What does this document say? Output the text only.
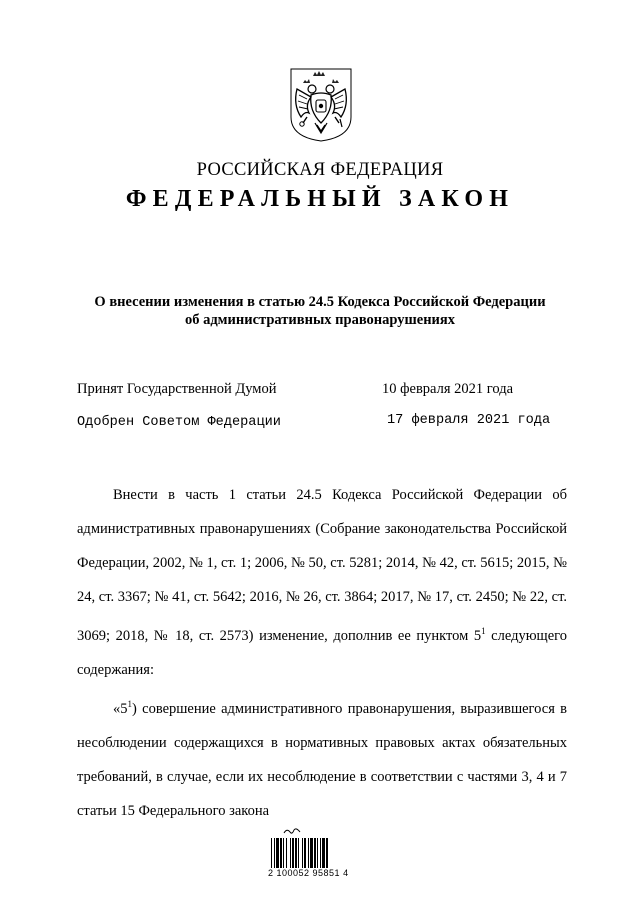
РОССИЙСКАЯ ФЕДЕРАЦИЯ
ФЕДЕРАЛЬНЫЙ ЗАКОН
О внесении изменения в статью 24.5 Кодекса Российской Федерации
об административных правонарушениях
Принят Государственной Думой	10 февраля 2021 года
Одобрен Советом Федерации	17 февраля 2021 года

Внести в часть 1 статьи 24.5 Кодекса Российской Федерации об административных правонарушениях (Собрание законодательства Российской Федерации, 2002, № 1, ст. 1; 2006, № 50, ст. 5281; 2014, № 42, ст. 5615; 2015, № 24, ст. 3367; № 41, ст. 5642; 2016, № 26, ст. 3864; 2017, № 17, ст. 2450; № 22, ст. 3069; 2018, № 18, ст. 2573) изменение, дополнив ее пунктом $5^1$ следующего содержания:

«$5^1$) совершение административного правонарушения, выразившегося в несоблюдении содержащихся в нормативных правовых актах обязательных требований, в случае, если их несоблюдение в соответствии с частями 3, 4 и 7 статьи 15 Федерального закона

2 100052 95851 4
